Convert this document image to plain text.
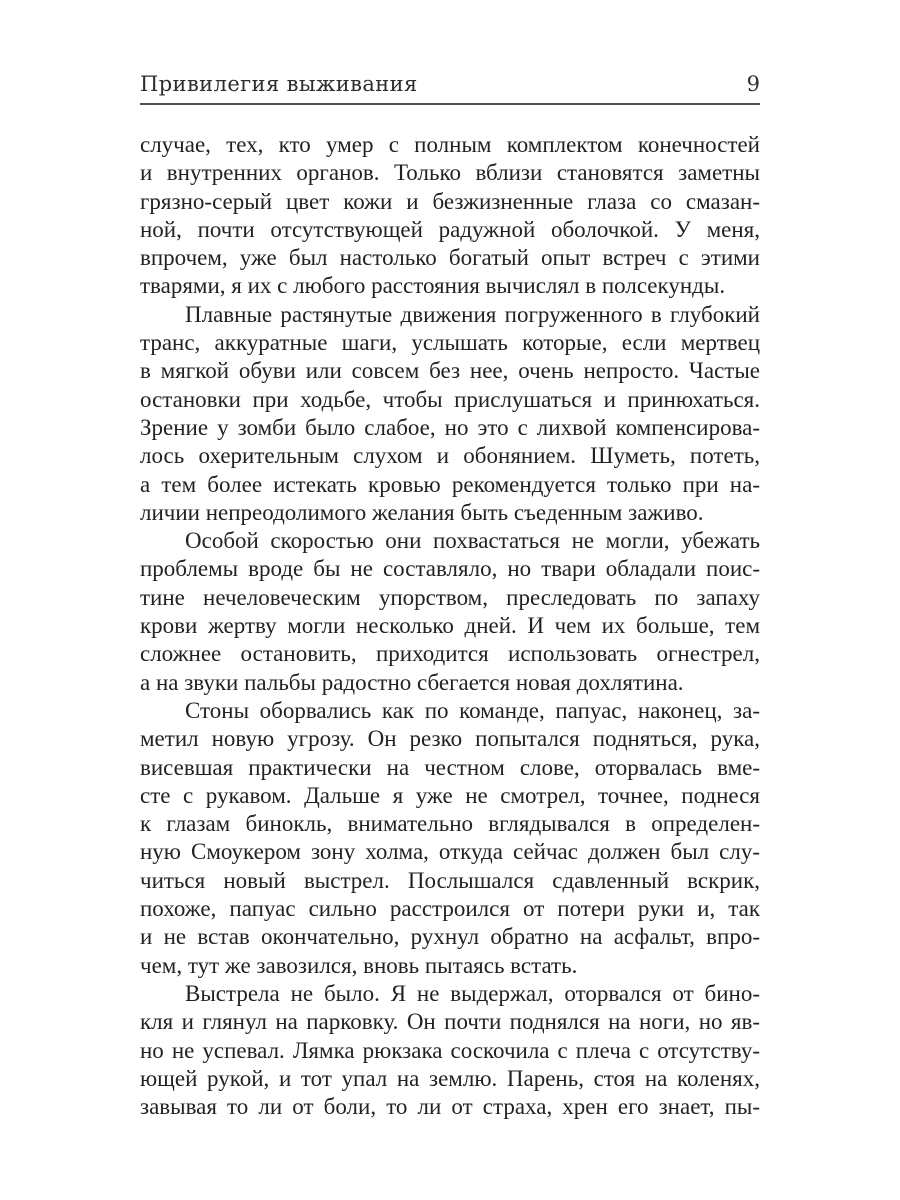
Привилегия выживания	9

случае, тех, кто умер с полным комплектом конечностей
и внутренних органов. Только вблизи становятся заметны
грязно-серый цвет кожи и безжизненные глаза со смазан-
ной, почти отсутствующей радужной оболочкой. У меня,
впрочем, уже был настолько богатый опыт встреч с этими
тварями, я их с любого расстояния вычислял в полсекунды.

Плавные растянутые движения погруженного в глубокий
транс, аккуратные шаги, услышать которые, если мертвец
в мягкой обуви или совсем без нее, очень непросто. Частые
остановки при ходьбе, чтобы прислушаться и принюхаться.
Зрение у зомби было слабое, но это с лихвой компенсирова-
лось охерительным слухом и обонянием. Шуметь, потеть,
а тем более истекать кровью рекомендуется только при на-
личии непреодолимого желания быть съеденным заживо.

Особой скоростью они похвастаться не могли, убежать
проблемы вроде бы не составляло, но твари обладали поис-
тине нечеловеческим упорством, преследовать по запаху
крови жертву могли несколько дней. И чем их больше, тем
сложнее остановить, приходится использовать огнестрел,
а на звуки пальбы радостно сбегается новая дохлятина.

Стоны оборвались как по команде, папуас, наконец, за-
метил новую угрозу. Он резко попытался подняться, рука,
висевшая практически на честном слове, оторвалась вме-
сте с рукавом. Дальше я уже не смотрел, точнее, поднеся
к глазам бинокль, внимательно вглядывался в определен-
ную Смоукером зону холма, откуда сейчас должен был слу-
читься новый выстрел. Послышался сдавленный вскрик,
похоже, папуас сильно расстроился от потери руки и, так
и не встав окончательно, рухнул обратно на асфальт, впро-
чем, тут же завозился, вновь пытаясь встать.

Выстрела не было. Я не выдержал, оторвался от бино-
кля и глянул на парковку. Он почти поднялся на ноги, но яв-
но не успевал. Лямка рюкзака соскочила с плеча с отсутству-
ющей рукой, и тот упал на землю. Парень, стоя на коленях,
завывая то ли от боли, то ли от страха, хрен его знает, пы-
